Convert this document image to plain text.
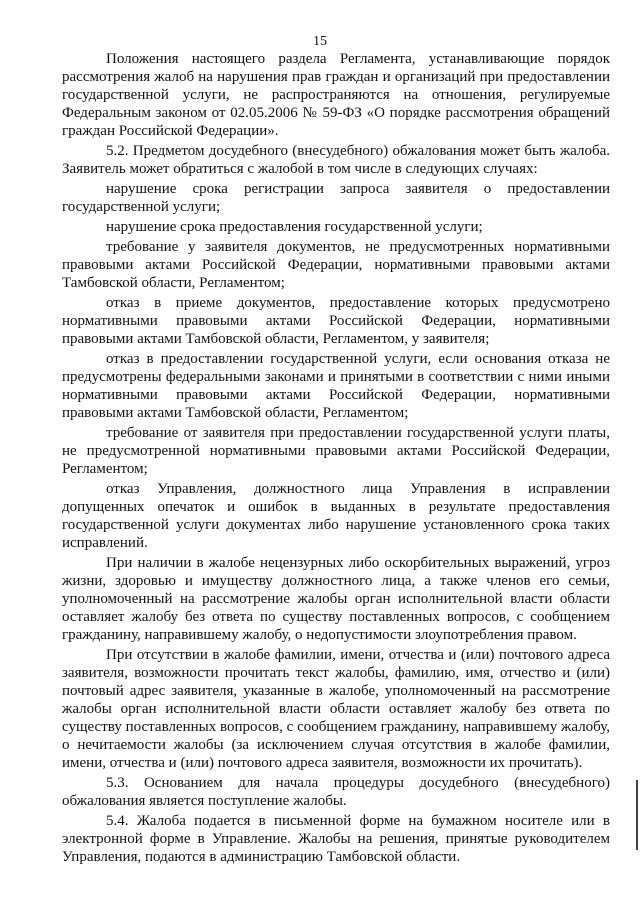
15

Положения настоящего раздела Регламента, устанавливающие порядок рассмотрения жалоб на нарушения прав граждан и организаций при предоставлении государственной услуги, не распространяются на отношения, регулируемые Федеральным законом от 02.05.2006 № 59-ФЗ «О порядке рассмотрения обращений граждан Российской Федерации».

5.2. Предметом досудебного (внесудебного) обжалования может быть жалоба. Заявитель может обратиться с жалобой в том числе в следующих случаях:

нарушение срока регистрации запроса заявителя о предоставлении государственной услуги;

нарушение срока предоставления государственной услуги;

требование у заявителя документов, не предусмотренных нормативными правовыми актами Российской Федерации, нормативными правовыми актами Тамбовской области, Регламентом;

отказ в приеме документов, предоставление которых предусмотрено нормативными правовыми актами Российской Федерации, нормативными правовыми актами Тамбовской области, Регламентом, у заявителя;

отказ в предоставлении государственной услуги, если основания отказа не предусмотрены федеральными законами и принятыми в соответствии с ними иными нормативными правовыми актами Российской Федерации, нормативными правовыми актами Тамбовской области, Регламентом;

требование от заявителя при предоставлении государственной услуги платы, не предусмотренной нормативными правовыми актами Российской Федерации, Регламентом;

отказ Управления, должностного лица Управления в исправлении допущенных опечаток и ошибок в выданных в результате предоставления государственной услуги документах либо нарушение установленного срока таких исправлений.

При наличии в жалобе нецензурных либо оскорбительных выражений, угроз жизни, здоровью и имуществу должностного лица, а также членов его семьи, уполномоченный на рассмотрение жалобы орган исполнительной власти области оставляет жалобу без ответа по существу поставленных вопросов, с сообщением гражданину, направившему жалобу, о недопустимости злоупотребления правом.

При отсутствии в жалобе фамилии, имени, отчества и (или) почтового адреса заявителя, возможности прочитать текст жалобы, фамилию, имя, отчество и (или) почтовый адрес заявителя, указанные в жалобе, уполномоченный на рассмотрение жалобы орган исполнительной власти области оставляет жалобу без ответа по существу поставленных вопросов, с сообщением гражданину, направившему жалобу, о нечитаемости жалобы (за исключением случая отсутствия в жалобе фамилии, имени, отчества и (или) почтового адреса заявителя, возможности их прочитать).

5.3. Основанием для начала процедуры досудебного (внесудебного) обжалования является поступление жалобы.

5.4. Жалоба подается в письменной форме на бумажном носителе или в электронной форме в Управление. Жалобы на решения, принятые руководителем Управления, подаются в администрацию Тамбовской области.
